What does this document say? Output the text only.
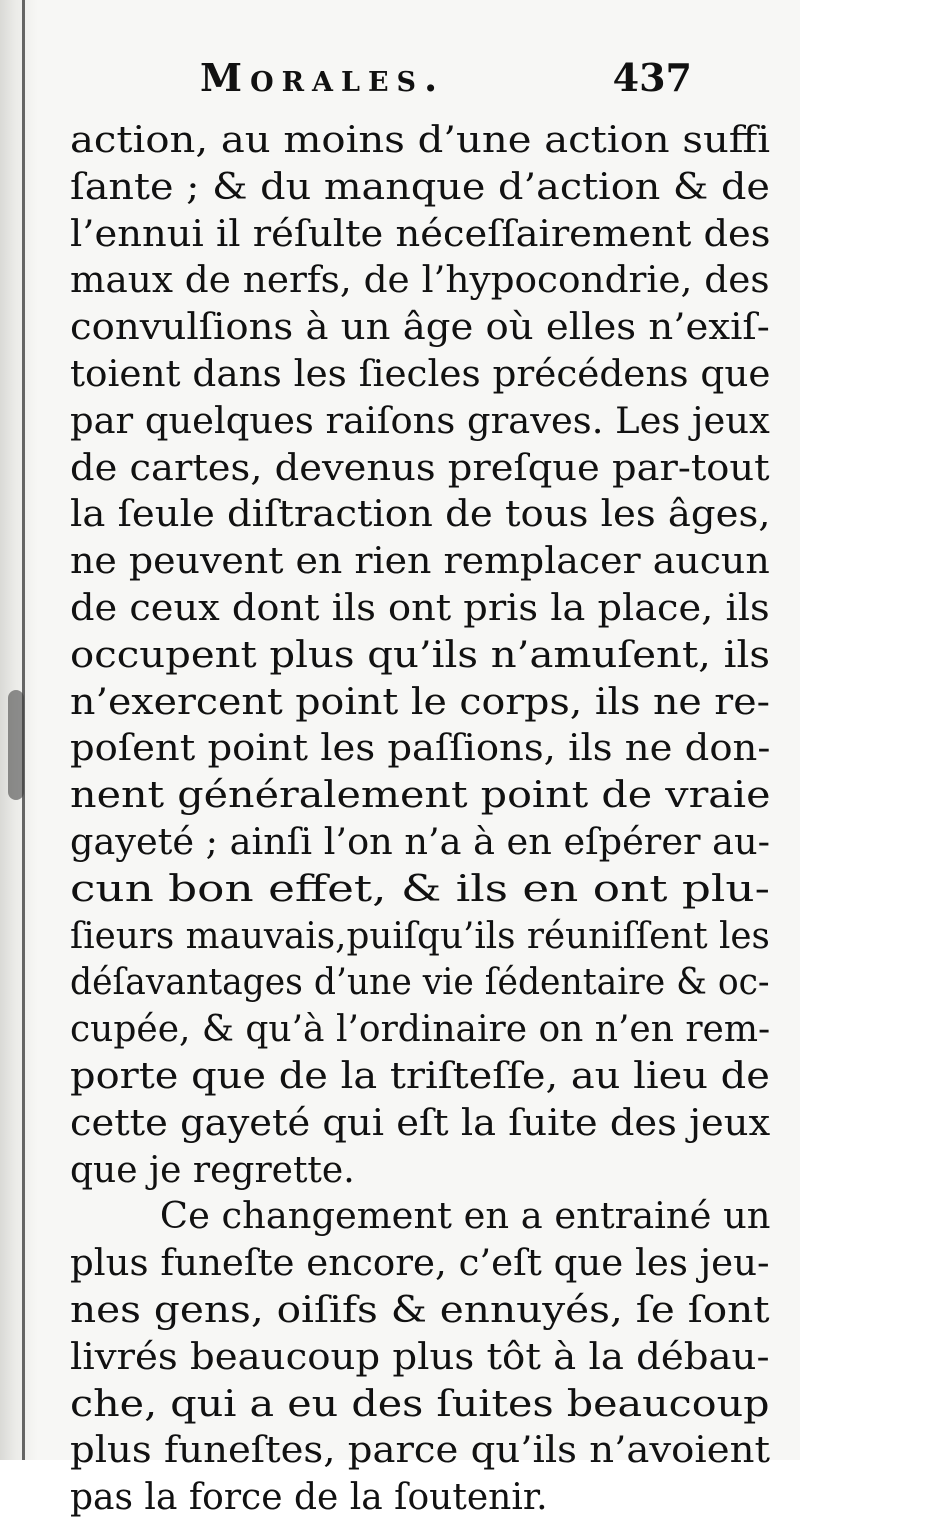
Morales.	437
action, au moins d’une action suffi
ſante ; & du manque d’action & de
l’ennui il réſulte néceſſairement des
maux de nerfs, de l’hypocondrie, des
convulſions à un âge où elles n’exiſ-
toient dans les ſiecles précédens que
par quelques raiſons graves. Les jeux
de cartes, devenus preſque par-tout
la ſeule diſtraction de tous les âges,
ne peuvent en rien remplacer aucun
de ceux dont ils ont pris la place, ils
occupent plus qu’ils n’amuſent, ils
n’exercent point le corps, ils ne re-
poſent point les paſſions, ils ne don-
nent généralement point de vraie
gayeté ; ainſi l’on n’a à en eſpérer au-
cun bon effet, & ils en ont plu-
ſieurs mauvais,puiſqu’ils réuniſſent les
déſavantages d’une vie ſédentaire & oc-
cupée, & qu’à l’ordinaire on n’en rem-
porte que de la triſteſſe, au lieu de
cette gayeté qui eſt la ſuite des jeux
que je regrette.
Ce changement en a entrainé un
plus funeſte encore, c’eſt que les jeu-
nes gens, oiſifs & ennuyés, ſe ſont
livrés beaucoup plus tôt à la débau-
che, qui a eu des ſuites beaucoup
plus funeſtes, parce qu’ils n’avoient
pas la force de la ſoutenir.
